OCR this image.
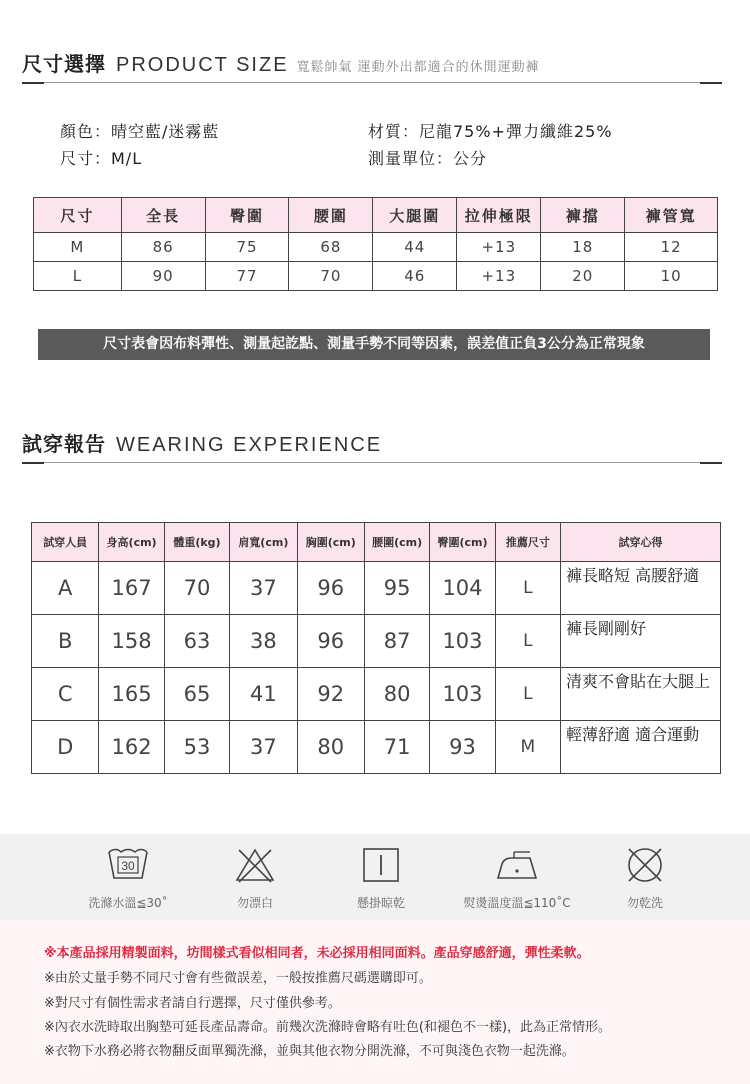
尺寸選擇 PRODUCT SIZE 寬鬆帥氣 運動外出都適合的休閒運動褲
顏色：晴空藍/迷霧藍
尺寸：M/L
材質：尼龍75%+彈力纖維25%
測量單位：公分
尺寸	全長	臀圍	腰圍	大腿圍	拉伸極限	褲擋	褲管寬
M	86	75	68	44	+13	18	12
L	90	77	70	46	+13	20	10
尺寸表會因布料彈性、測量起訖點、測量手勢不同等因素，誤差值正負3公分為正常現象
試穿報告 WEARING EXPERIENCE
試穿人員	身高(cm)	體重(kg)	肩寬(cm)	胸圍(cm)	腰圍(cm)	臀圍(cm)	推薦尺寸	試穿心得
A	167	70	37	96	95	104	L	褲長略短 高腰舒適
B	158	63	38	96	87	103	L	褲長剛剛好
C	165	65	41	92	80	103	L	清爽不會貼在大腿上
D	162	53	37	80	71	93	M	輕薄舒適 適合運動
30
洗滌水溫≦30˚	勿漂白	懸掛晾乾	熨燙溫度溫≦110˚C	勿乾洗
※本產品採用精製面料，坊間樣式看似相同者，未必採用相同面料。產品穿感舒適，彈性柔軟。
※由於丈量手勢不同尺寸會有些微誤差，一般按推薦尺碼選購即可。
※對尺寸有個性需求者請自行選擇，尺寸僅供參考。
※內衣水洗時取出胸墊可延長產品壽命。前幾次洗滌時會略有吐色(和褪色不一樣)，此為正常情形。
※衣物下水務必將衣物翻反面單獨洗滌，並與其他衣物分開洗滌，不可與淺色衣物一起洗滌。
